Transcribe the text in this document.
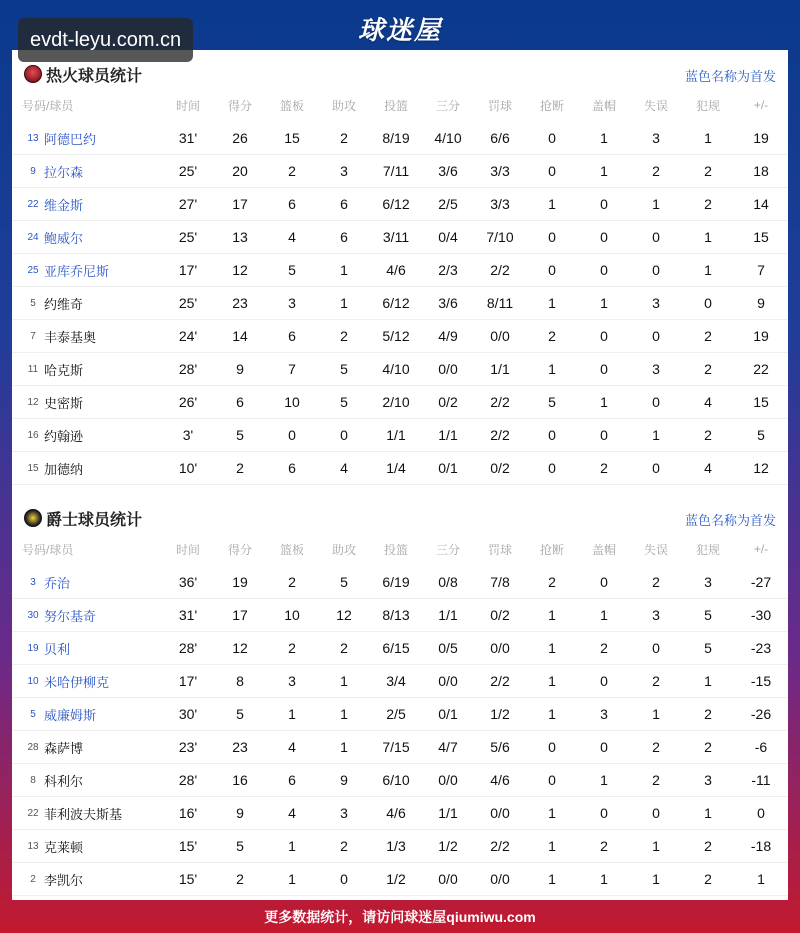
球迷屋
evdt-leyu.com.cn
热火球员统计	蓝色名称为首发
号码/球员	时间	得分	篮板	助攻	投篮	三分	罚球	抢断	盖帽	失误	犯规	+/-
13 阿德巴约	31'	26	15	2	8/19	4/10	6/6	0	1	3	1	19
9 拉尔森	25'	20	2	3	7/11	3/6	3/3	0	1	2	2	18
22 维金斯	27'	17	6	6	6/12	2/5	3/3	1	0	1	2	14
24 鲍威尔	25'	13	4	6	3/11	0/4	7/10	0	0	0	1	15
25 亚库乔尼斯	17'	12	5	1	4/6	2/3	2/2	0	0	0	1	7
5 约维奇	25'	23	3	1	6/12	3/6	8/11	1	1	3	0	9
7 丰泰基奥	24'	14	6	2	5/12	4/9	0/0	2	0	0	2	19
11 哈克斯	28'	9	7	5	4/10	0/0	1/1	1	0	3	2	22
12 史密斯	26'	6	10	5	2/10	0/2	2/2	5	1	0	4	15
16 约翰逊	3'	5	0	0	1/1	1/1	2/2	0	0	1	2	5
15 加德纳	10'	2	6	4	1/4	0/1	0/2	0	2	0	4	12
爵士球员统计	蓝色名称为首发
号码/球员	时间	得分	篮板	助攻	投篮	三分	罚球	抢断	盖帽	失误	犯规	+/-
3 乔治	36'	19	2	5	6/19	0/8	7/8	2	0	2	3	-27
30 努尔基奇	31'	17	10	12	8/13	1/1	0/2	1	1	3	5	-30
19 贝利	28'	12	2	2	6/15	0/5	0/0	1	2	0	5	-23
10 米哈伊柳克	17'	8	3	1	3/4	0/0	2/2	1	0	2	1	-15
5 威廉姆斯	30'	5	1	1	2/5	0/1	1/2	1	3	1	2	-26
28 森萨博	23'	23	4	1	7/15	4/7	5/6	0	0	2	2	-6
8 科利尔	28'	16	6	9	6/10	0/0	4/6	0	1	2	3	-11
22 菲利波夫斯基	16'	9	4	3	4/6	1/1	0/0	1	0	0	1	0
13 克莱顿	15'	5	1	2	1/3	1/2	2/2	1	2	1	2	-18
2 李凯尔	15'	2	1	0	1/2	0/0	0/0	1	1	1	2	1
更多数据统计，请访问球迷屋qiumiwu.com
